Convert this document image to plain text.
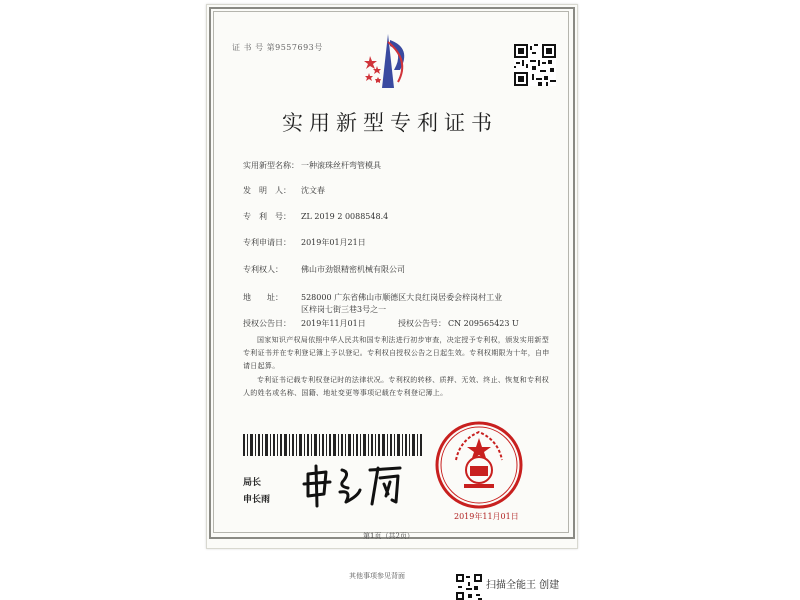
证 书 号 第9557693号
实用新型专利证书
实用新型名称： 一种滚珠丝杆弯管模具
发　明　人： 沈文春
专　利　号： ZL 2019 2 0088548.4
专利申请日： 2019年01月21日
专利权人： 佛山市劲银精密机械有限公司
地　　址： 528000 广东省佛山市顺德区大良红岗居委会梓岗村工业
区梓岗七街三巷3号之一
授权公告日： 2019年11月01日	授权公告号： CN 209565423 U
国家知识产权局依照中华人民共和国专利法进行初步审查，决定授予专利权，颁发实用新型专利证书并在专利登记簿上予以登记。专利权自授权公告之日起生效。专利权期限为十年，自申请日起算。
专利证书记载专利权登记时的法律状况。专利权的转移、质押、无效、终止、恢复和专利权人的姓名或名称、国籍、地址变更等事项记载在专利登记簿上。
局长
申长雨
2019年11月01日
第1页（共2页）
其他事项参见背面
扫描全能王 创建
